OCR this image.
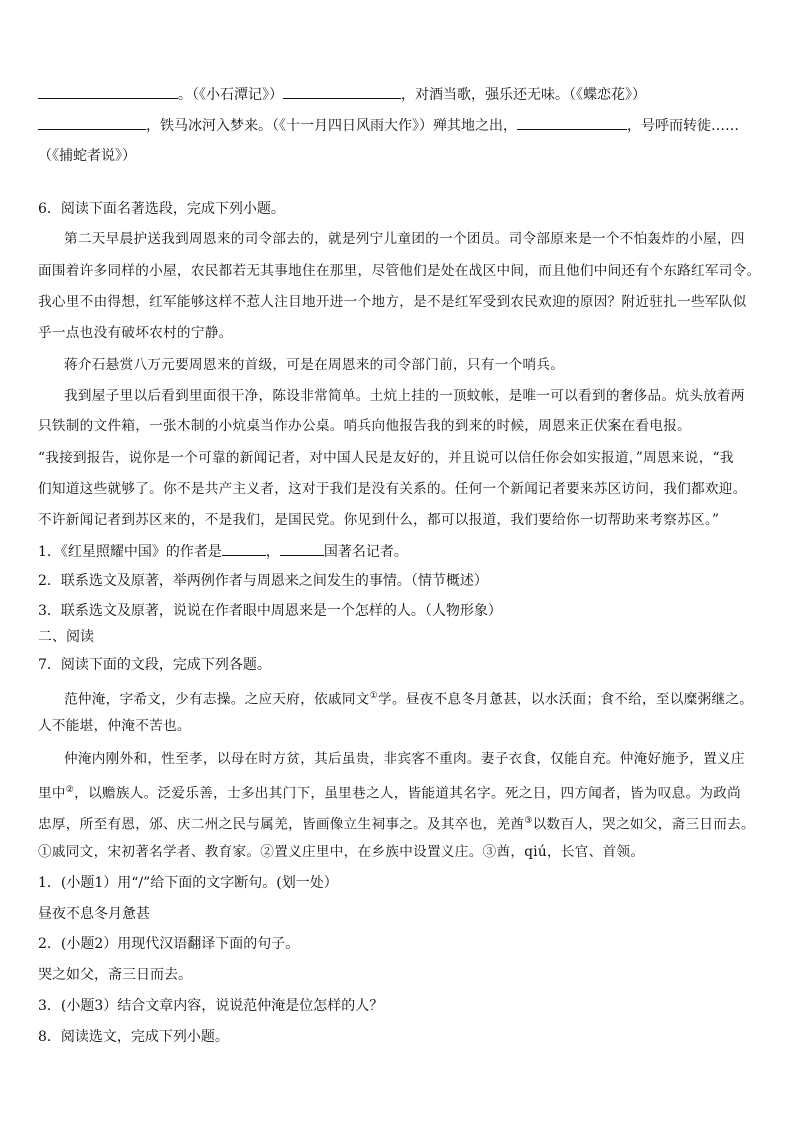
。（《小石潭记》）	，对酒当歌，强乐还无味。（《蝶恋花》）
，铁马冰河入梦来。（《十一月四日风雨大作》）殚其地之出，	，号呼而转徙……
（《捕蛇者说》）
6．阅读下面名著选段，完成下列小题。
第二天早晨护送我到周恩来的司令部去的，就是列宁儿童团的一个团员。司令部原来是一个不怕轰炸的小屋，四
面围着许多同样的小屋，农民都若无其事地住在那里，尽管他们是处在战区中间，而且他们中间还有个东路红军司令。
我心里不由得想，红军能够这样不惹人注目地开进一个地方，是不是红军受到农民欢迎的原因？附近驻扎一些军队似
乎一点也没有破坏农村的宁静。
蒋介石悬赏八万元要周恩来的首级，可是在周恩来的司令部门前，只有一个哨兵。
我到屋子里以后看到里面很干净，陈设非常简单。土炕上挂的一顶蚊帐，是唯一可以看到的奢侈品。炕头放着两
只铁制的文件箱，一张木制的小炕桌当作办公桌。哨兵向他报告我的到来的时候，周恩来正伏案在看电报。
“我接到报告，说你是一个可靠的新闻记者，对中国人民是友好的，并且说可以信任你会如实报道，”周恩来说，“我
们知道这些就够了。你不是共产主义者，这对于我们是没有关系的。任何一个新闻记者要来苏区访问，我们都欢迎。
不许新闻记者到苏区来的，不是我们，是国民党。你见到什么，都可以报道，我们要给你一切帮助来考察苏区。”
1．《红星照耀中国》的作者是	，	国著名记者。
2．联系选文及原著，举两例作者与周恩来之间发生的事情。（情节概述）
3．联系选文及原著，说说在作者眼中周恩来是一个怎样的人。（人物形象）
二、阅读
7．阅读下面的文段，完成下列各题。
范仲淹，字希文，少有志操。之应天府，依戚同文①学。昼夜不息冬月惫甚，以水沃面；食不给，至以糜粥继之。
人不能堪，仲淹不苦也。
仲淹内刚外和，性至孝，以母在时方贫，其后虽贵，非宾客不重肉。妻子衣食，仅能自充。仲淹好施予，置义庄
里中②，以赡族人。泛爱乐善，士多出其门下，虽里巷之人，皆能道其名字。死之日，四方闻者，皆为叹息。为政尚
忠厚，所至有恩，邠、庆二州之民与属羌，皆画像立生祠事之。及其卒也，羌酋③以数百人，哭之如父，斋三日而去。
①戚同文，宋初著名学者、教育家。②置义庄里中，在乡族中设置义庄。③酋，qiú，长官、首领。
1．(小题1）用“/”给下面的文字断句。(划一处）
昼夜不息冬月惫甚
2．(小题2）用现代汉语翻译下面的句子。
哭之如父，斋三日而去。
3．(小题3）结合文章内容，说说范仲淹是位怎样的人？
8．阅读选文，完成下列小题。
